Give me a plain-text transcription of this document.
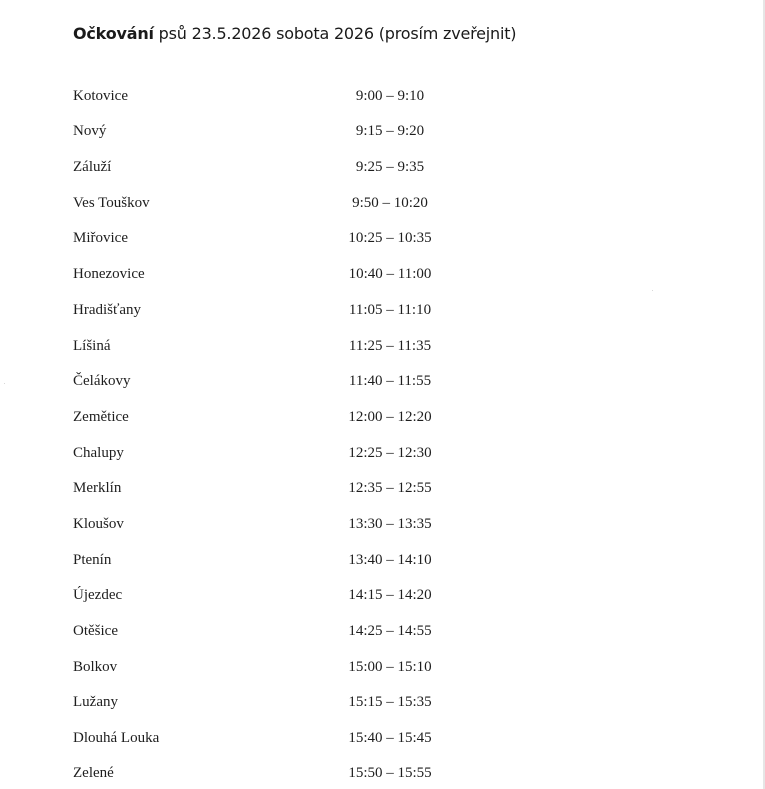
Očkování psů 23.5.2026 sobota 2026 (prosím zveřejnit)
Kotovice	9:00 – 9:10
Nový	9:15 – 9:20
Záluží	9:25 – 9:35
Ves Touškov	9:50 – 10:20
Miřovice	10:25 – 10:35
Honezovice	10:40 – 11:00
Hradišťany	11:05 – 11:10
Líšiná	11:25 – 11:35
Čelákovy	11:40 – 11:55
Zemětice	12:00 – 12:20
Chalupy	12:25 – 12:30
Merklín	12:35 – 12:55
Kloušov	13:30 – 13:35
Ptenín	13:40 – 14:10
Újezdec	14:15 – 14:20
Otěšice	14:25 – 14:55
Bolkov	15:00 – 15:10
Lužany	15:15 – 15:35
Dlouhá Louka	15:40 – 15:45
Zelené	15:50 – 15:55
